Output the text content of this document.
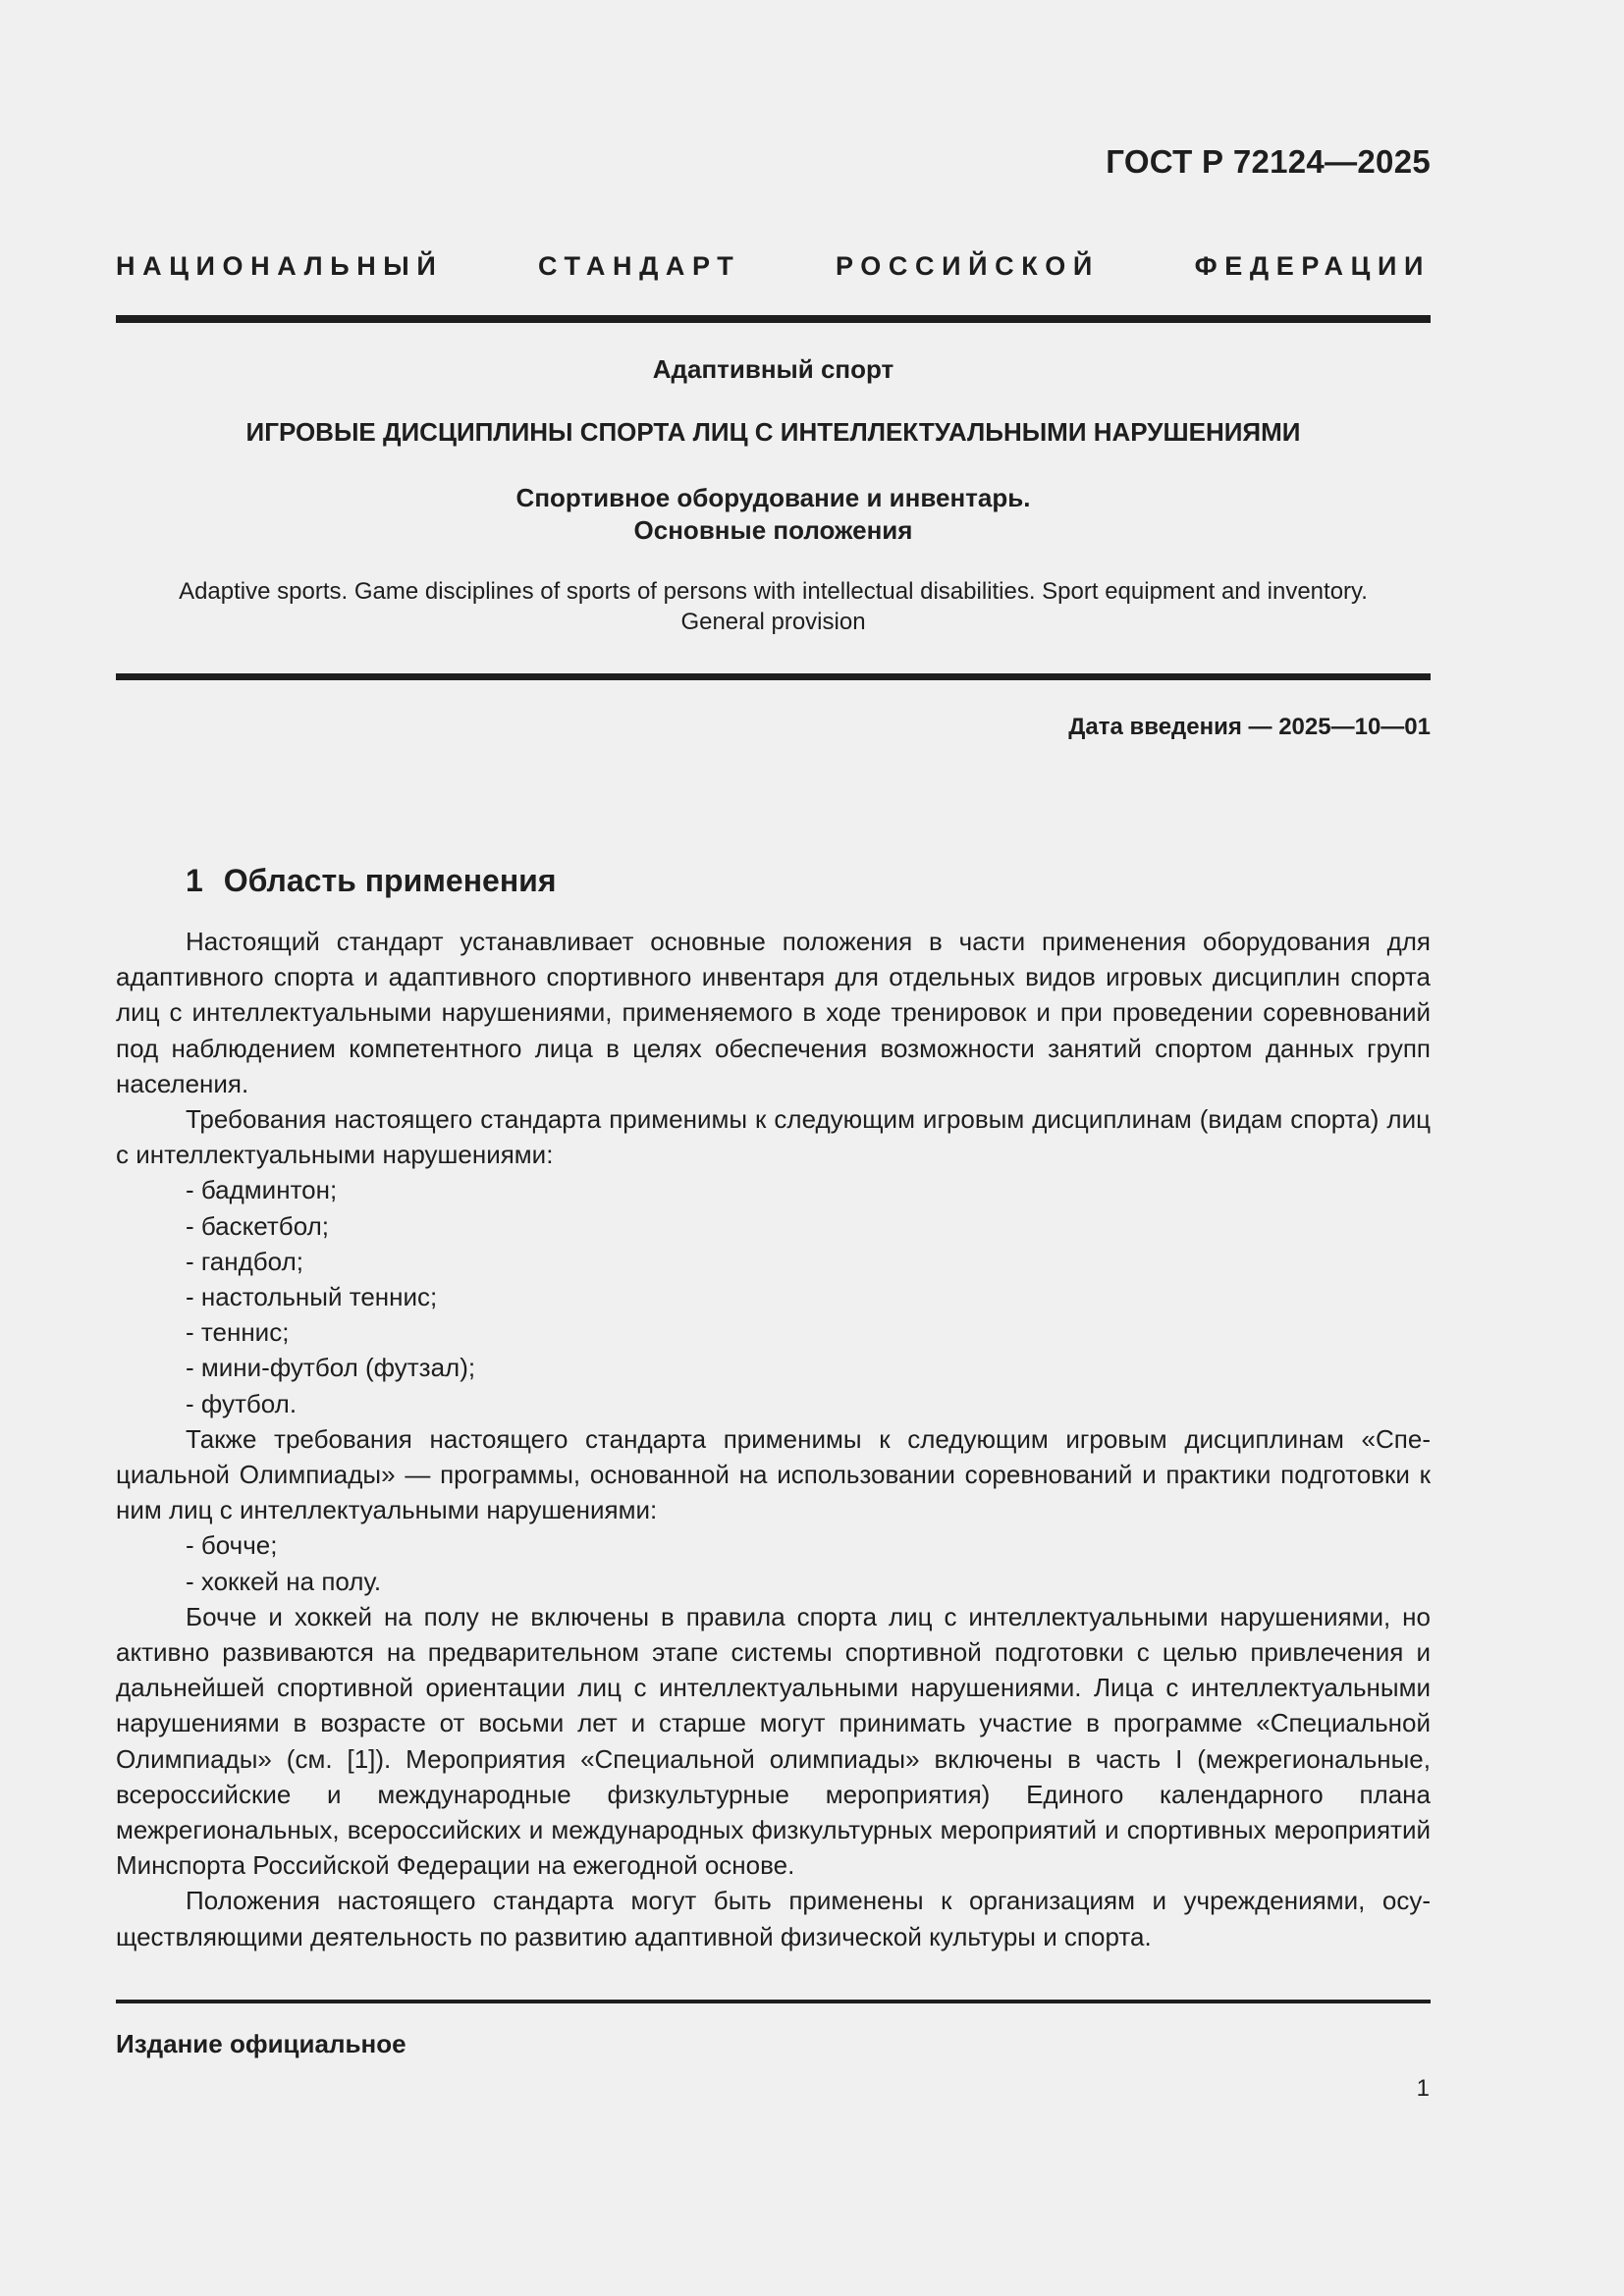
ГОСТ Р 72124—2025
НАЦИОНАЛЬНЫЙ СТАНДАРТ РОССИЙСКОЙ ФЕДЕРАЦИИ
Адаптивный спорт
ИГРОВЫЕ ДИСЦИПЛИНЫ СПОРТА ЛИЦ С ИНТЕЛЛЕКТУАЛЬНЫМИ НАРУШЕНИЯМИ
Спортивное оборудование и инвентарь.
Основные положения
Adaptive sports. Game disciplines of sports of persons with intellectual disabilities. Sport equipment and inventory.
General provision
Дата введения — 2025—10—01
1 Область применения

Настоящий стандарт устанавливает основные положения в части применения оборудования для адаптивного спорта и адаптивного спортивного инвентаря для отдельных видов игровых дисциплин спорта лиц с интеллектуальными нарушениями, применяемого в ходе тренировок и при проведении соревнований под наблюдением компетентного лица в целях обеспечения возможности занятий спортом данных групп населения.

Требования настоящего стандарта применимы к следующим игровым дисциплинам (видам спорта) лиц с интеллектуальными нарушениями:

- бадминтон;
- баскетбол;
- гандбол;
- настольный теннис;
- теннис;
- мини-футбол (футзал);
- футбол.

Также требования настоящего стандарта применимы к следующим игровым дисциплинам «Специальной Олимпиады» — программы, основанной на использовании соревнований и практики подготовки к ним лиц с интеллектуальными нарушениями:

- бочче;
- хоккей на полу.

Бочче и хоккей на полу не включены в правила спорта лиц с интеллектуальными нарушениями, но активно развиваются на предварительном этапе системы спортивной подготовки с целью привлечения и дальнейшей спортивной ориентации лиц с интеллектуальными нарушениями. Лица с интеллектуальными нарушениями в возрасте от восьми лет и старше могут принимать участие в программе «Специальной Олимпиады» (см. [1]). Мероприятия «Специальной олимпиады» включены в часть I (межрегиональные, всероссийские и международные физкультурные мероприятия) Единого календарного плана межрегиональных, всероссийских и международных физкультурных мероприятий и спортивных мероприятий Минспорта Российской Федерации на ежегодной основе.

Положения настоящего стандарта могут быть применены к организациям и учреждениями, осуществляющими деятельность по развитию адаптивной физической культуры и спорта.

Издание официальное
1
